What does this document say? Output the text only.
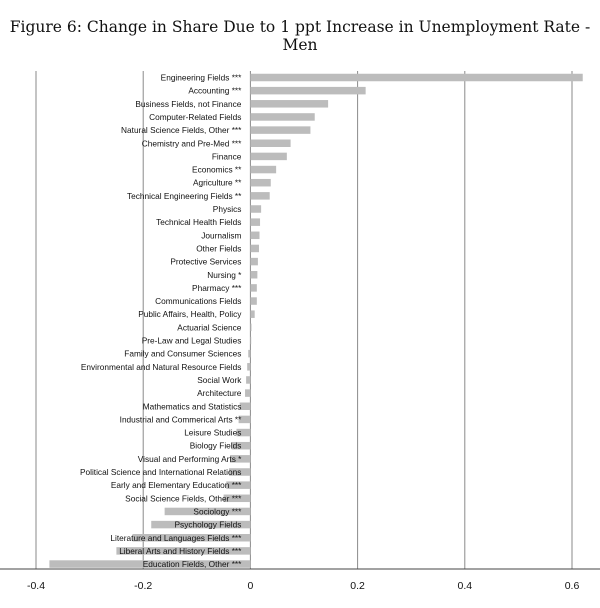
Figure 6: Change in Share Due to 1 ppt Increase in Unemployment Rate - Men
Engineering Fields ***
Accounting ***
Business Fields, not Finance
Computer-Related Fields
Natural Science Fields, Other ***
Chemistry and Pre-Med ***
Finance
Economics **
Agriculture **
Technical Engineering Fields **
Physics
Technical Health Fields
Journalism
Other Fields
Protective Services
Nursing *
Pharmacy ***
Communications Fields
Public Affairs, Health, Policy
Actuarial Science
Pre-Law and Legal Studies
Family and Consumer Sciences
Environmental and Natural Resource Fields
Social Work
Architecture
Mathematics and Statistics
Industrial and Commerical Arts **
Leisure Studies
Biology Fields
Visual and Performing Arts *
Political Science and International Relations
Early and Elementary Education ***
Social Science Fields, Other ***
Sociology ***
Psychology Fields
Literature and Languages Fields ***
Liberal Arts and History Fields ***
Education Fields, Other ***
-0.4	-0.2	0	0.2	0.4	0.6
